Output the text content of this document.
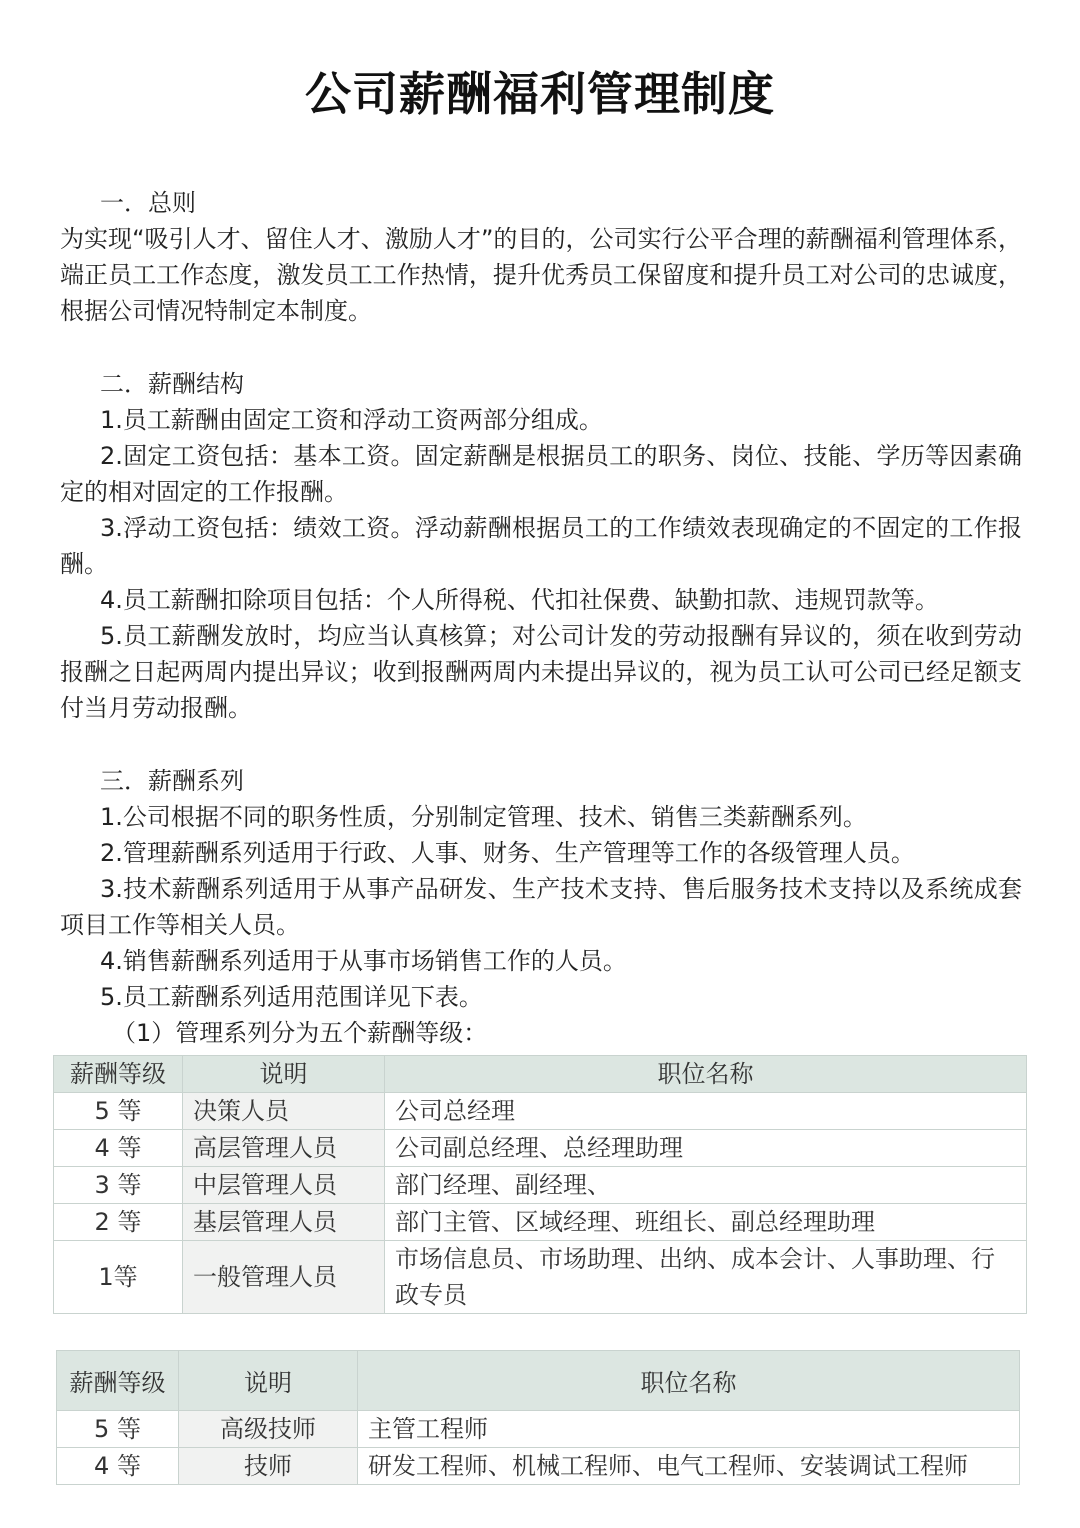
公司薪酬福利管理制度
一．总则
为实现“吸引人才、留住人才、激励人才”的目的，公司实行公平合理的薪酬福利管理体系，端正员工工作态度，激发员工工作热情，提升优秀员工保留度和提升员工对公司的忠诚度，根据公司情况特制定本制度。
二．薪酬结构
1.员工薪酬由固定工资和浮动工资两部分组成。
2.固定工资包括：基本工资。固定薪酬是根据员工的职务、岗位、技能、学历等因素确定的相对固定的工作报酬。
3.浮动工资包括：绩效工资。浮动薪酬根据员工的工作绩效表现确定的不固定的工作报酬。
4.员工薪酬扣除项目包括：个人所得税、代扣社保费、缺勤扣款、违规罚款等。
5.员工薪酬发放时，均应当认真核算；对公司计发的劳动报酬有异议的，须在收到劳动报酬之日起两周内提出异议；收到报酬两周内未提出异议的，视为员工认可公司已经足额支付当月劳动报酬。
三．薪酬系列
1.公司根据不同的职务性质，分别制定管理、技术、销售三类薪酬系列。
2.管理薪酬系列适用于行政、人事、财务、生产管理等工作的各级管理人员。
3.技术薪酬系列适用于从事产品研发、生产技术支持、售后服务技术支持以及系统成套项目工作等相关人员。
4.销售薪酬系列适用于从事市场销售工作的人员。
5.员工薪酬系列适用范围详见下表。
（1）管理系列分为五个薪酬等级：
薪酬等级	说明	职位名称
5 等	决策人员	公司总经理
4 等	高层管理人员	公司副总经理、总经理助理
3 等	中层管理人员	部门经理、副经理、
2 等	基层管理人员	部门主管、区域经理、班组长、副总经理助理
1等	一般管理人员	市场信息员、市场助理、出纳、成本会计、人事助理、行政专员
薪酬等级	说明	职位名称
5 等	高级技师	主管工程师
4 等	技师	研发工程师、机械工程师、电气工程师、安装调试工程师
